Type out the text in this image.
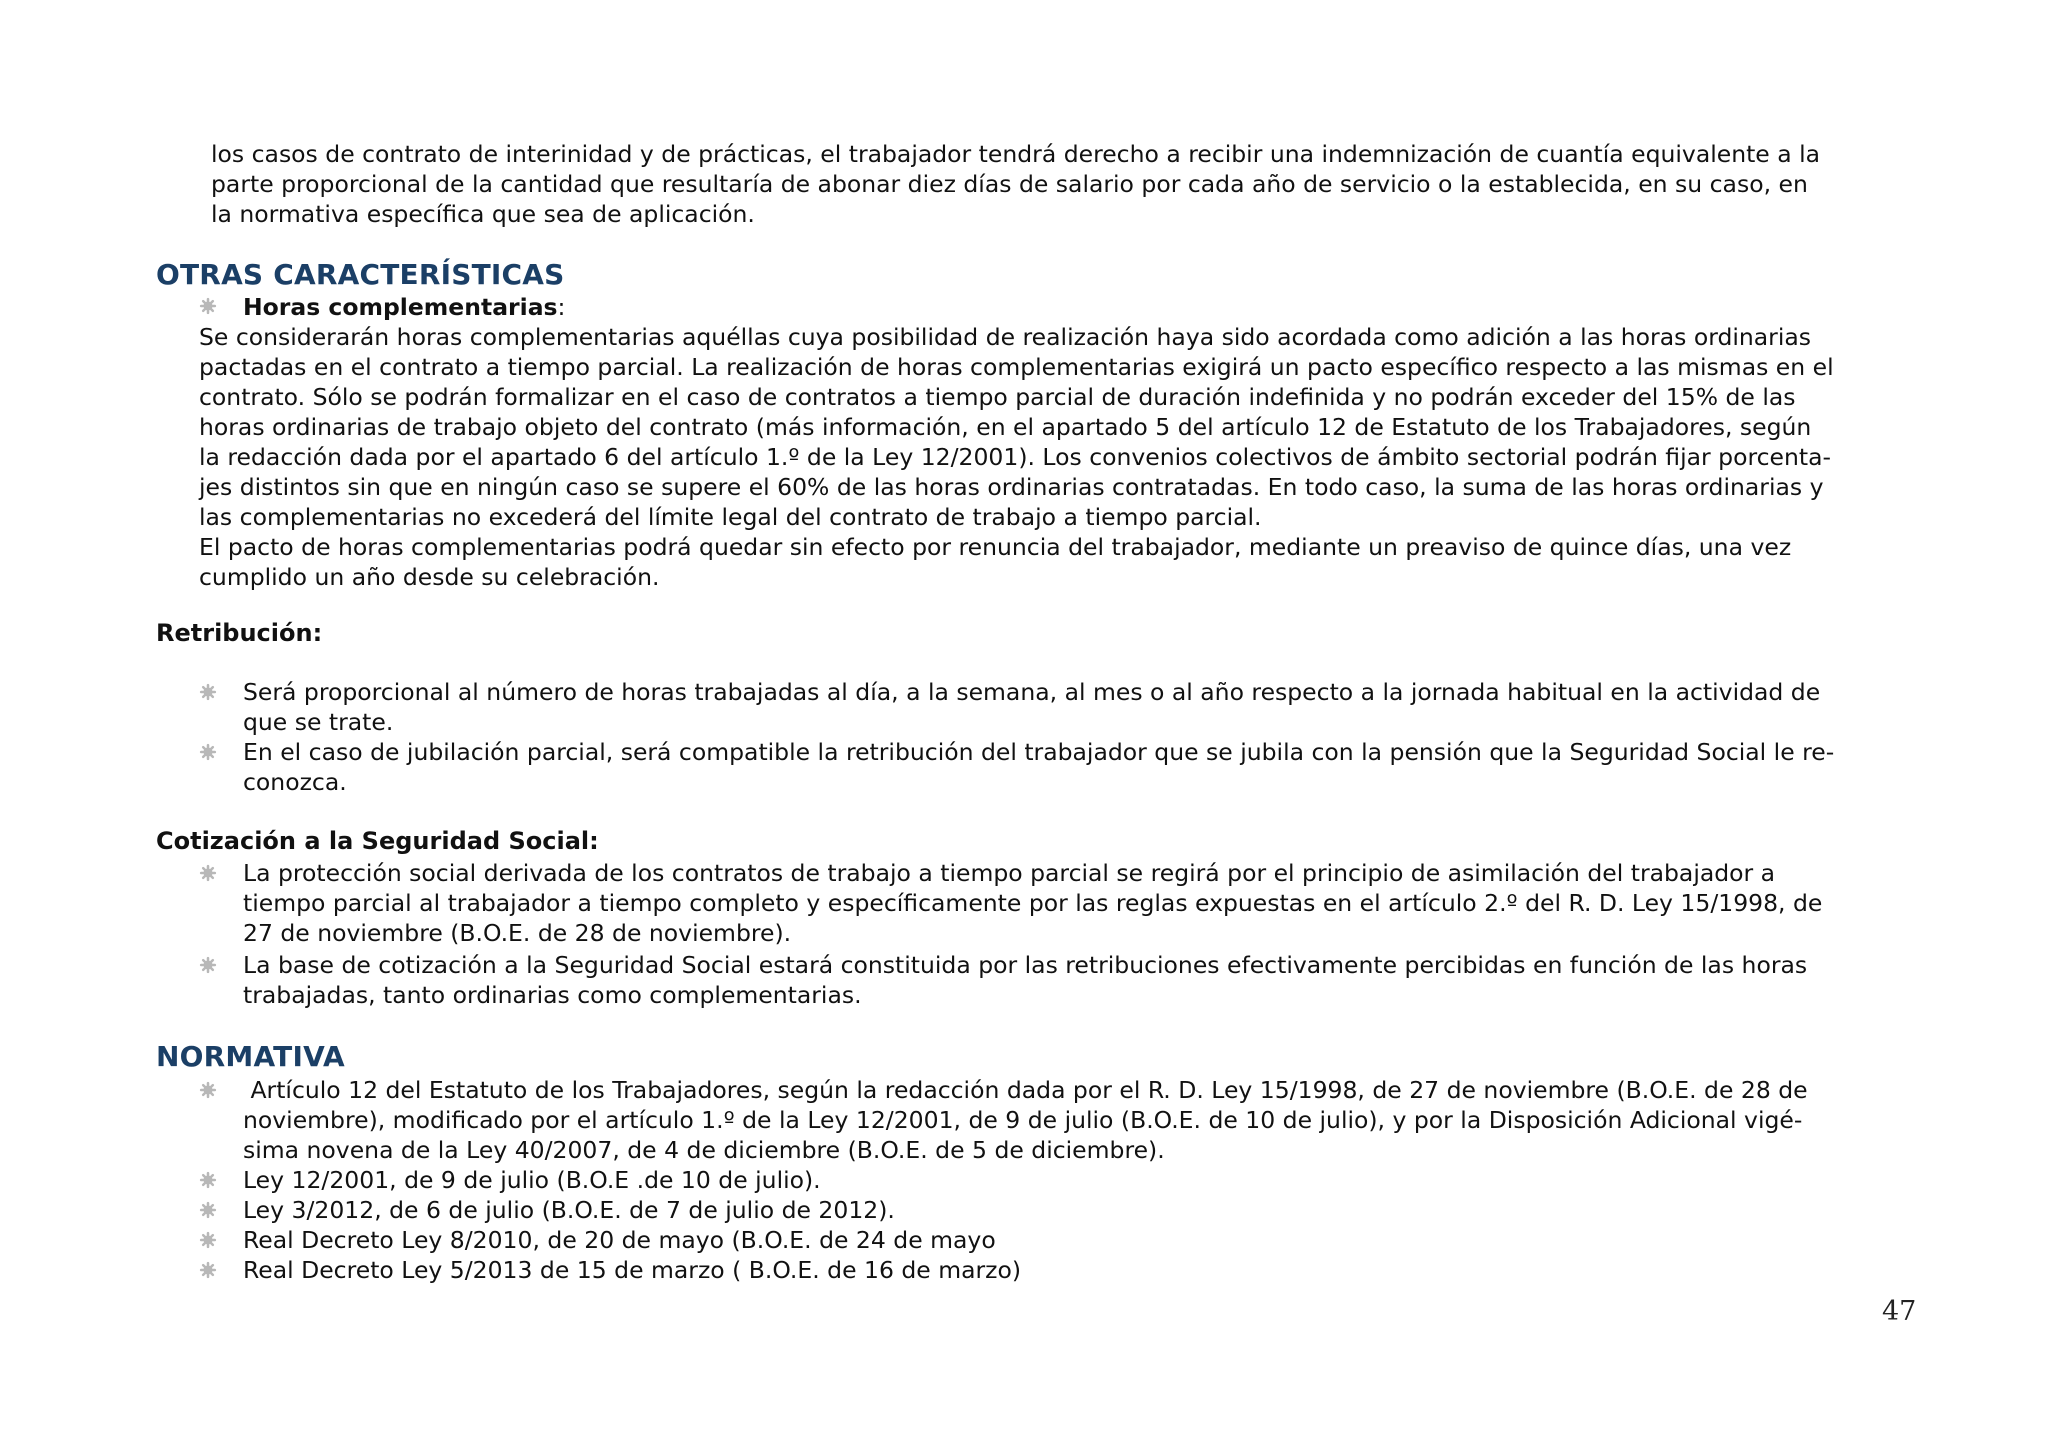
los casos de contrato de interinidad y de prácticas, el trabajador tendrá derecho a recibir una indemnización de cuantía equivalente a la
parte proporcional de la cantidad que resultaría de abonar diez días de salario por cada año de servicio o la establecida, en su caso, en
la normativa específica que sea de aplicación.
OTRAS CARACTERÍSTICAS
Horas complementarias:
Se considerarán horas complementarias aquéllas cuya posibilidad de realización haya sido acordada como adición a las horas ordinarias
pactadas en el contrato a tiempo parcial. La realización de horas complementarias exigirá un pacto específico respecto a las mismas en el
contrato. Sólo se podrán formalizar en el caso de contratos a tiempo parcial de duración indefinida y no podrán exceder del 15% de las
horas ordinarias de trabajo objeto del contrato (más información, en el apartado 5 del artículo 12 de Estatuto de los Trabajadores, según
la redacción dada por el apartado 6 del artículo 1.º de la Ley 12/2001). Los convenios colectivos de ámbito sectorial podrán fijar porcenta-
jes distintos sin que en ningún caso se supere el 60% de las horas ordinarias contratadas. En todo caso, la suma de las horas ordinarias y
las complementarias no excederá del límite legal del contrato de trabajo a tiempo parcial.
El pacto de horas complementarias podrá quedar sin efecto por renuncia del trabajador, mediante un preaviso de quince días, una vez
cumplido un año desde su celebración.
Retribución:
Será proporcional al número de horas trabajadas al día, a la semana, al mes o al año respecto a la jornada habitual en la actividad de
que se trate.
En el caso de jubilación parcial, será compatible la retribución del trabajador que se jubila con la pensión que la Seguridad Social le re-
conozca.
Cotización a la Seguridad Social:
La protección social derivada de los contratos de trabajo a tiempo parcial se regirá por el principio de asimilación del trabajador a
tiempo parcial al trabajador a tiempo completo y específicamente por las reglas expuestas en el artículo 2.º del R. D. Ley 15/1998, de
27 de noviembre (B.O.E. de 28 de noviembre).
La base de cotización a la Seguridad Social estará constituida por las retribuciones efectivamente percibidas en función de las horas
trabajadas, tanto ordinarias como complementarias.
NORMATIVA
Artículo 12 del Estatuto de los Trabajadores, según la redacción dada por el R. D. Ley 15/1998, de 27 de noviembre (B.O.E. de 28 de
noviembre), modificado por el artículo 1.º de la Ley 12/2001, de 9 de julio (B.O.E. de 10 de julio), y por la Disposición Adicional vigé-
sima novena de la Ley 40/2007, de 4 de diciembre (B.O.E. de 5 de diciembre).
Ley 12/2001, de 9 de julio (B.O.E .de 10 de julio).
Ley 3/2012, de 6 de julio (B.O.E. de 7 de julio de 2012).
Real Decreto Ley 8/2010, de 20 de mayo (B.O.E. de 24 de mayo
Real Decreto Ley 5/2013 de 15 de marzo ( B.O.E. de 16 de marzo)
47
